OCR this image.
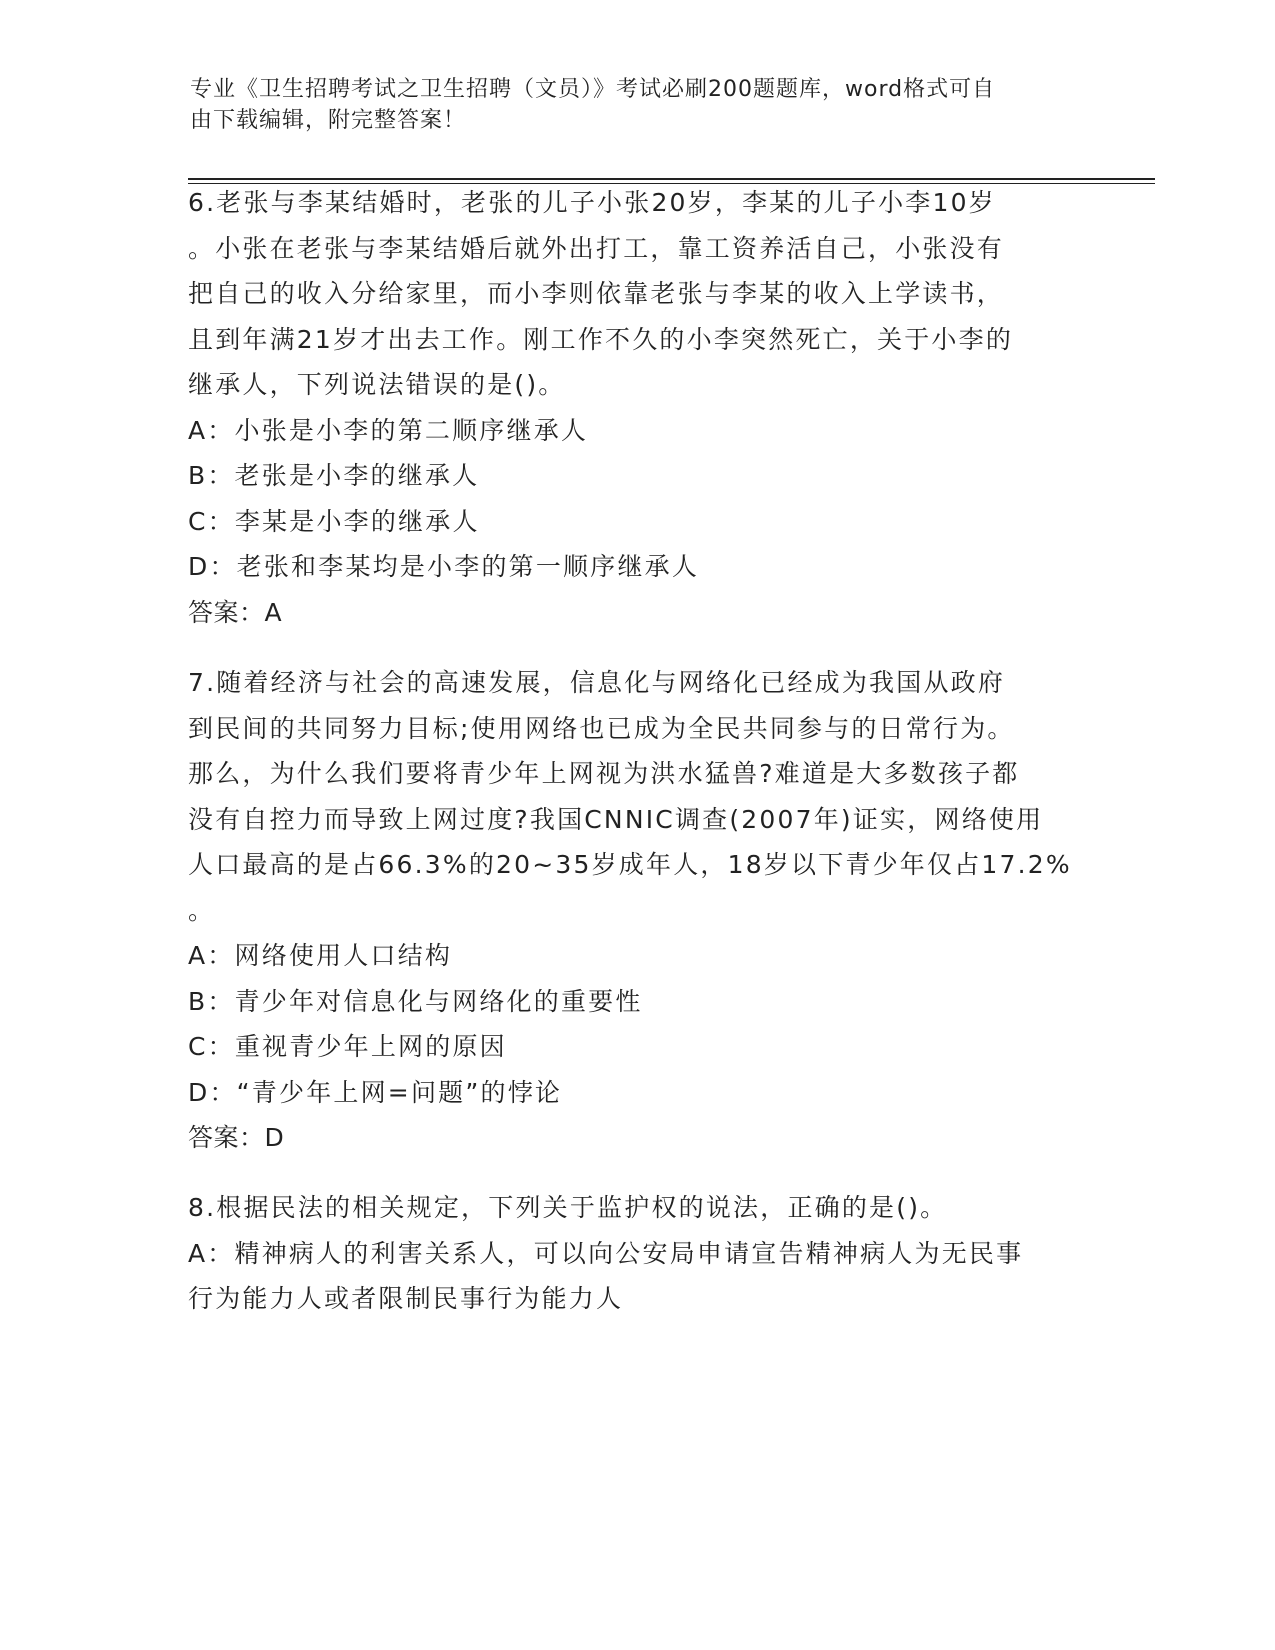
专业《卫生招聘考试之卫生招聘（文员）》考试必刷200题题库，word格式可自
由下载编辑，附完整答案！

6.老张与李某结婚时，老张的儿子小张20岁，李某的儿子小李10岁

。小张在老张与李某结婚后就外出打工，靠工资养活自己，小张没有

把自己的收入分给家里，而小李则依靠老张与李某的收入上学读书，

且到年满21岁才出去工作。刚工作不久的小李突然死亡，关于小李的

继承人，下列说法错误的是()。

A：小张是小李的第二顺序继承人

B：老张是小李的继承人

C：李某是小李的继承人

D：老张和李某均是小李的第一顺序继承人

答案：A

7.随着经济与社会的高速发展，信息化与网络化已经成为我国从政府

到民间的共同努力目标;使用网络也已成为全民共同参与的日常行为。

那么，为什么我们要将青少年上网视为洪水猛兽?难道是大多数孩子都

没有自控力而导致上网过度?我国CNNIC调查(2007年)证实，网络使用

人口最高的是占66.3%的20~35岁成年人，18岁以下青少年仅占17.2%

。

A：网络使用人口结构

B：青少年对信息化与网络化的重要性

C：重视青少年上网的原因

D：“青少年上网=问题”的悖论

答案：D

8.根据民法的相关规定，下列关于监护权的说法，正确的是()。

A：精神病人的利害关系人，可以向公安局申请宣告精神病人为无民事

行为能力人或者限制民事行为能力人
